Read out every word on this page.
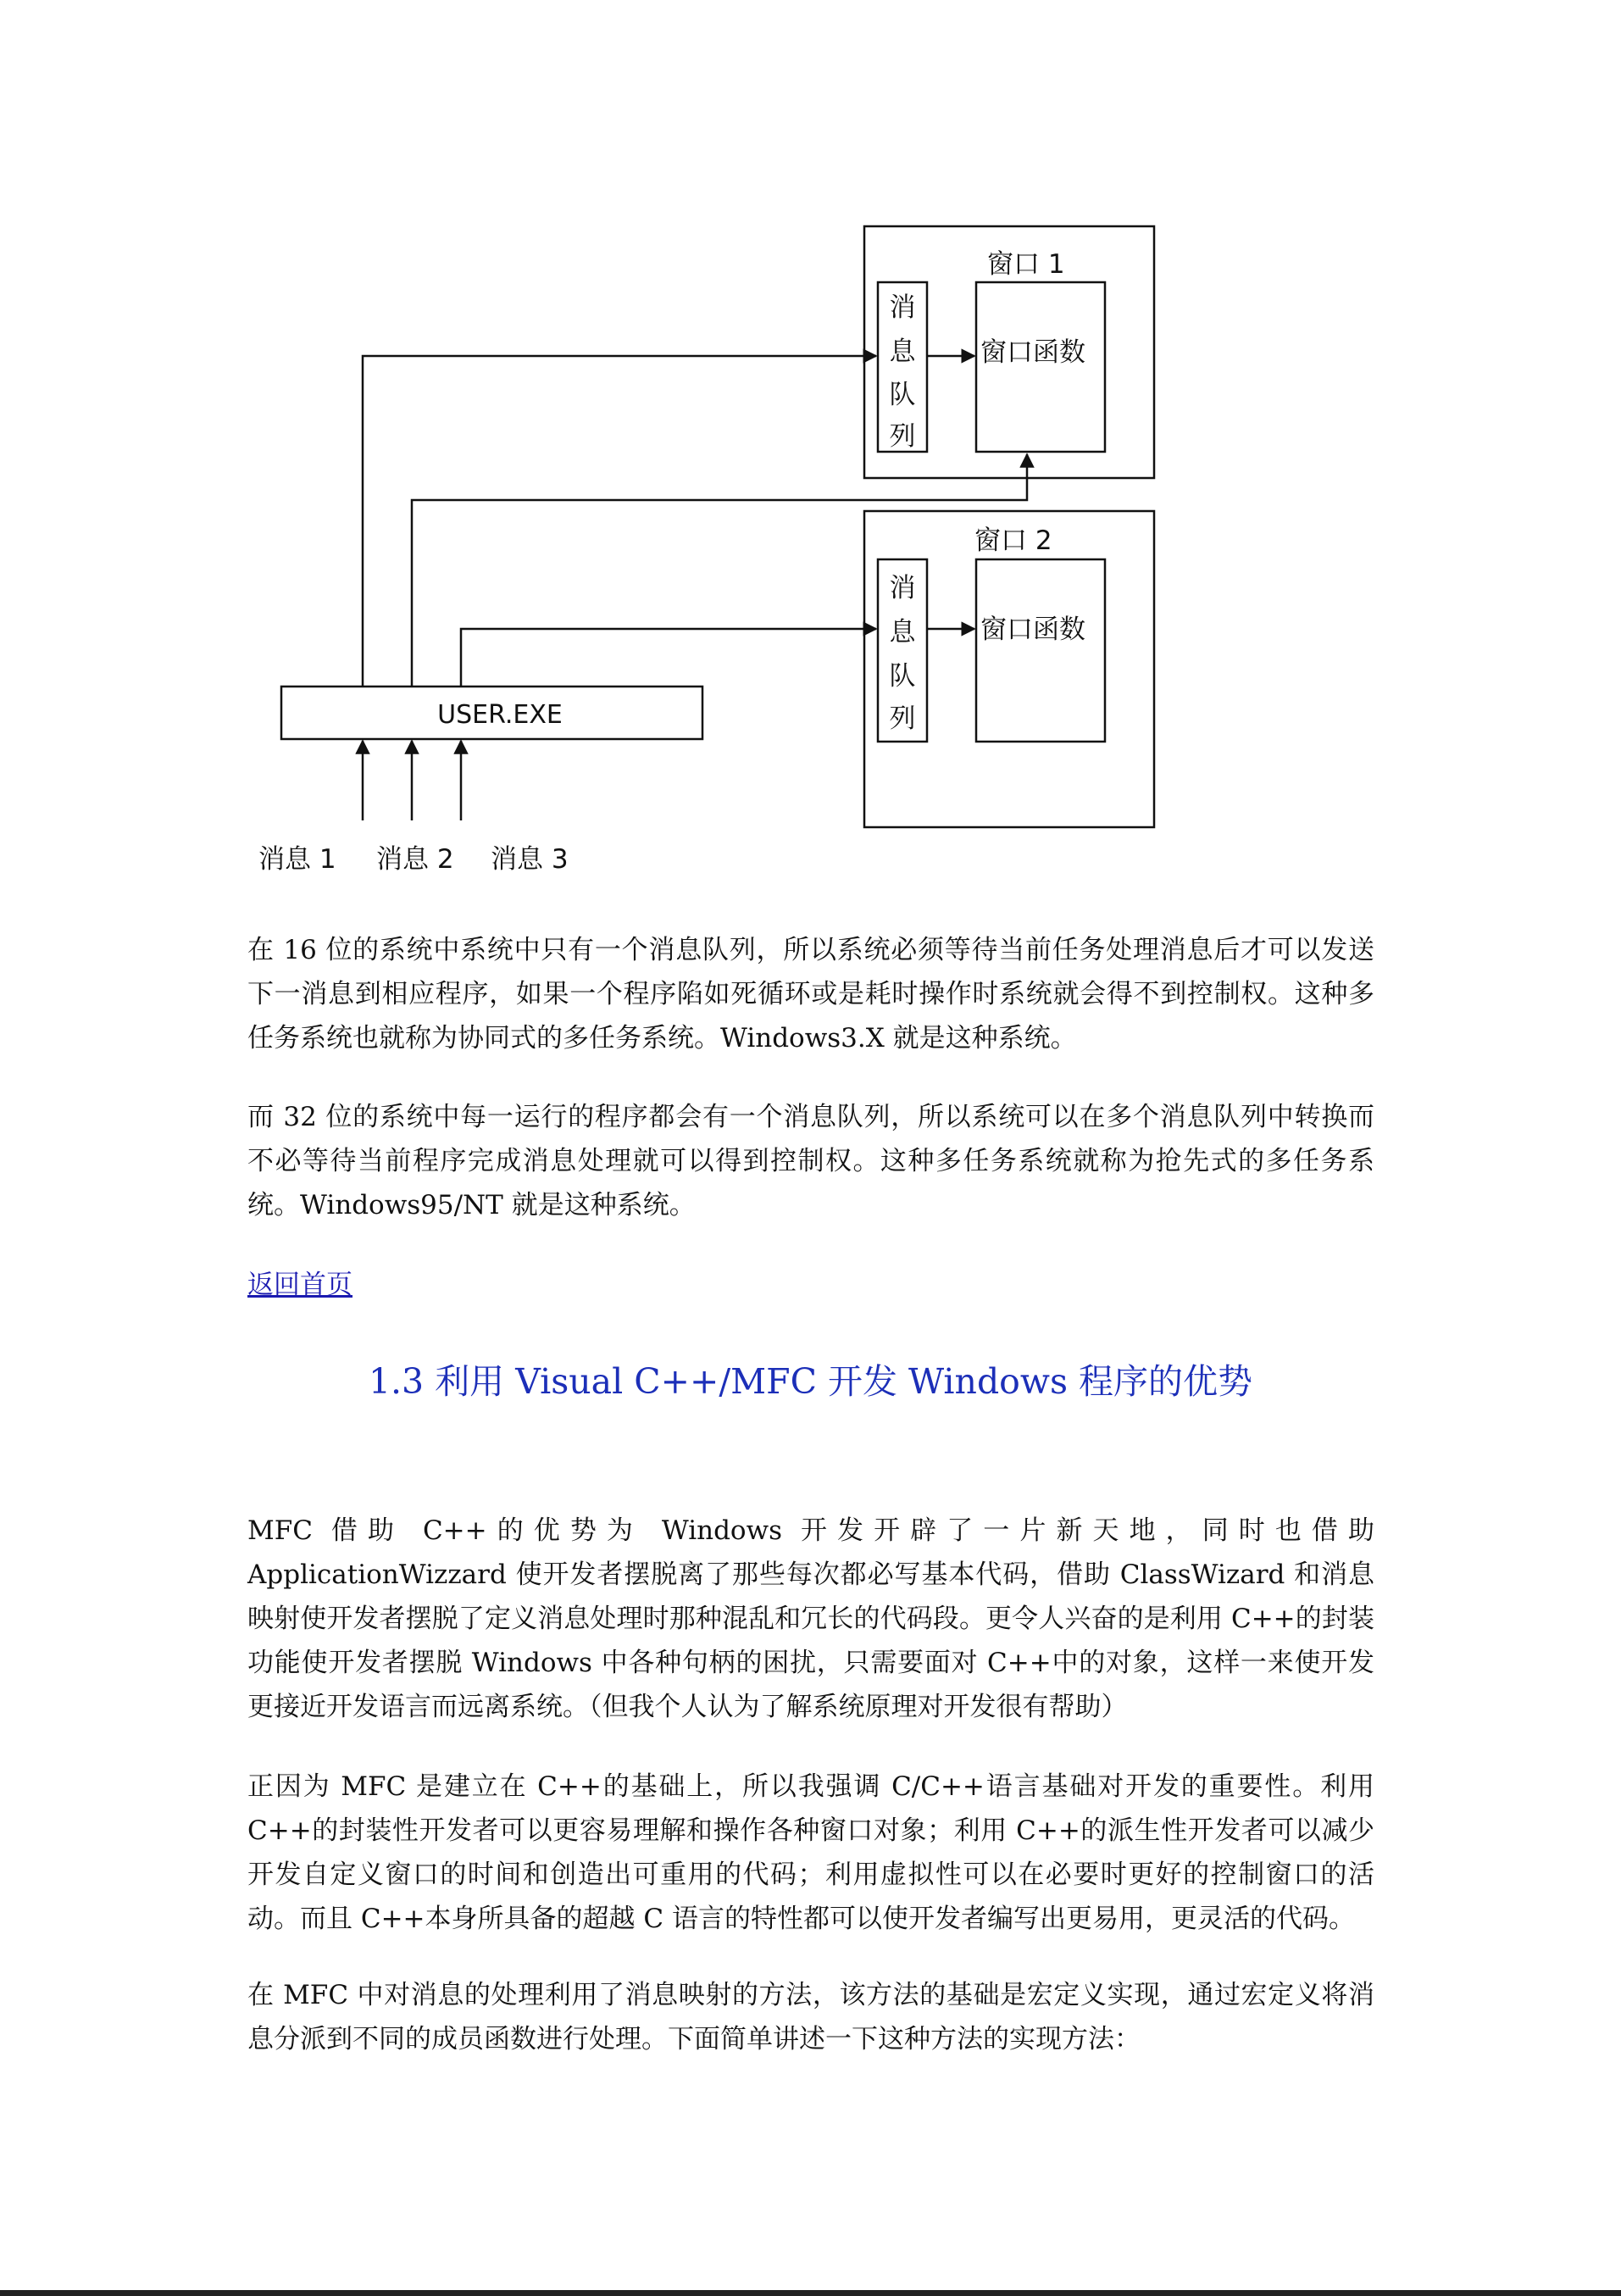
窗口 1
窗口 2
消
息
队
列
消
息
队
列
窗口函数
窗口函数
USER.EXE
消息 1 消息 2 消息 3

在 16 位的系统中系统中只有一个消息队列，所以系统必须等待当前任务处理消息后才可以发送下一消息到相应程序，如果一个程序陷如死循环或是耗时操作时系统就会得不到控制权。这种多任务系统也就称为协同式的多任务系统。Windows3.X 就是这种系统。

而 32 位的系统中每一运行的程序都会有一个消息队列，所以系统可以在多个消息队列中转换而不必等待当前程序完成消息处理就可以得到控制权。这种多任务系统就称为抢先式的多任务系统。Windows95/NT 就是这种系统。

返回首页
1.3 利用 Visual C++/MFC 开发 Windows 程序的优势

MFC 借助 C++的优势为 Windows 开发开辟了一片新天地，同时也借助 ApplicationWizzard 使开发者摆脱离了那些每次都必写基本代码，借助 ClassWizard 和消息映射使开发者摆脱了定义消息处理时那种混乱和冗长的代码段。更令人兴奋的是利用 C++的封装功能使开发者摆脱 Windows 中各种句柄的困扰，只需要面对 C++中的对象，这样一来使开发更接近开发语言而远离系统。（但我个人认为了解系统原理对开发很有帮助）

正因为 MFC 是建立在 C++的基础上，所以我强调 C/C++语言基础对开发的重要性。利用 C++的封装性开发者可以更容易理解和操作各种窗口对象；利用 C++的派生性开发者可以减少开发自定义窗口的时间和创造出可重用的代码；利用虚拟性可以在必要时更好的控制窗口的活动。而且 C++本身所具备的超越 C 语言的特性都可以使开发者编写出更易用，更灵活的代码。

在 MFC 中对消息的处理利用了消息映射的方法，该方法的基础是宏定义实现，通过宏定义将消息分派到不同的成员函数进行处理。下面简单讲述一下这种方法的实现方法：
